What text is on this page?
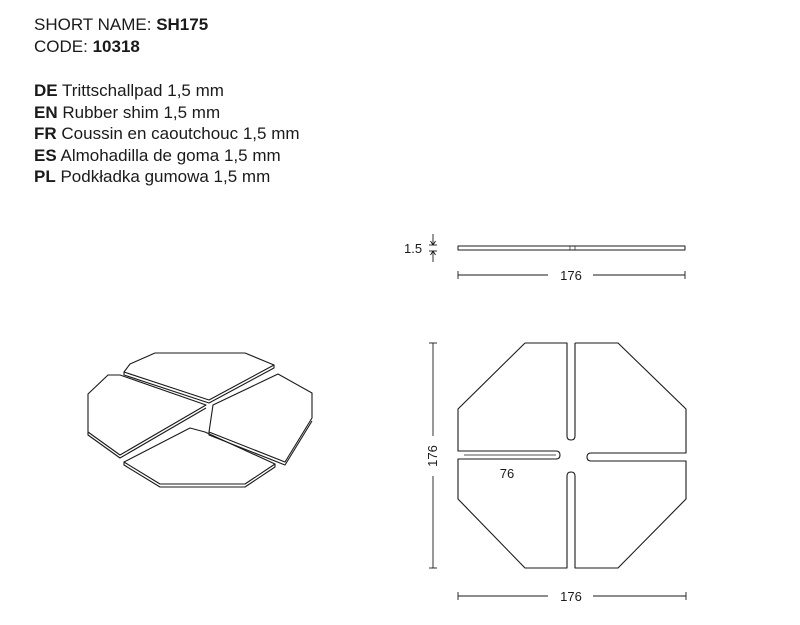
SHORT NAME: SH175
CODE: 10318
DE Trittschallpad 1,5 mm
EN Rubber shim 1,5 mm
FR Coussin en caoutchouc 1,5 mm
ES Almohadilla de goma 1,5 mm
PL Podkładka gumowa 1,5 mm
1.5
176
176
76
176
